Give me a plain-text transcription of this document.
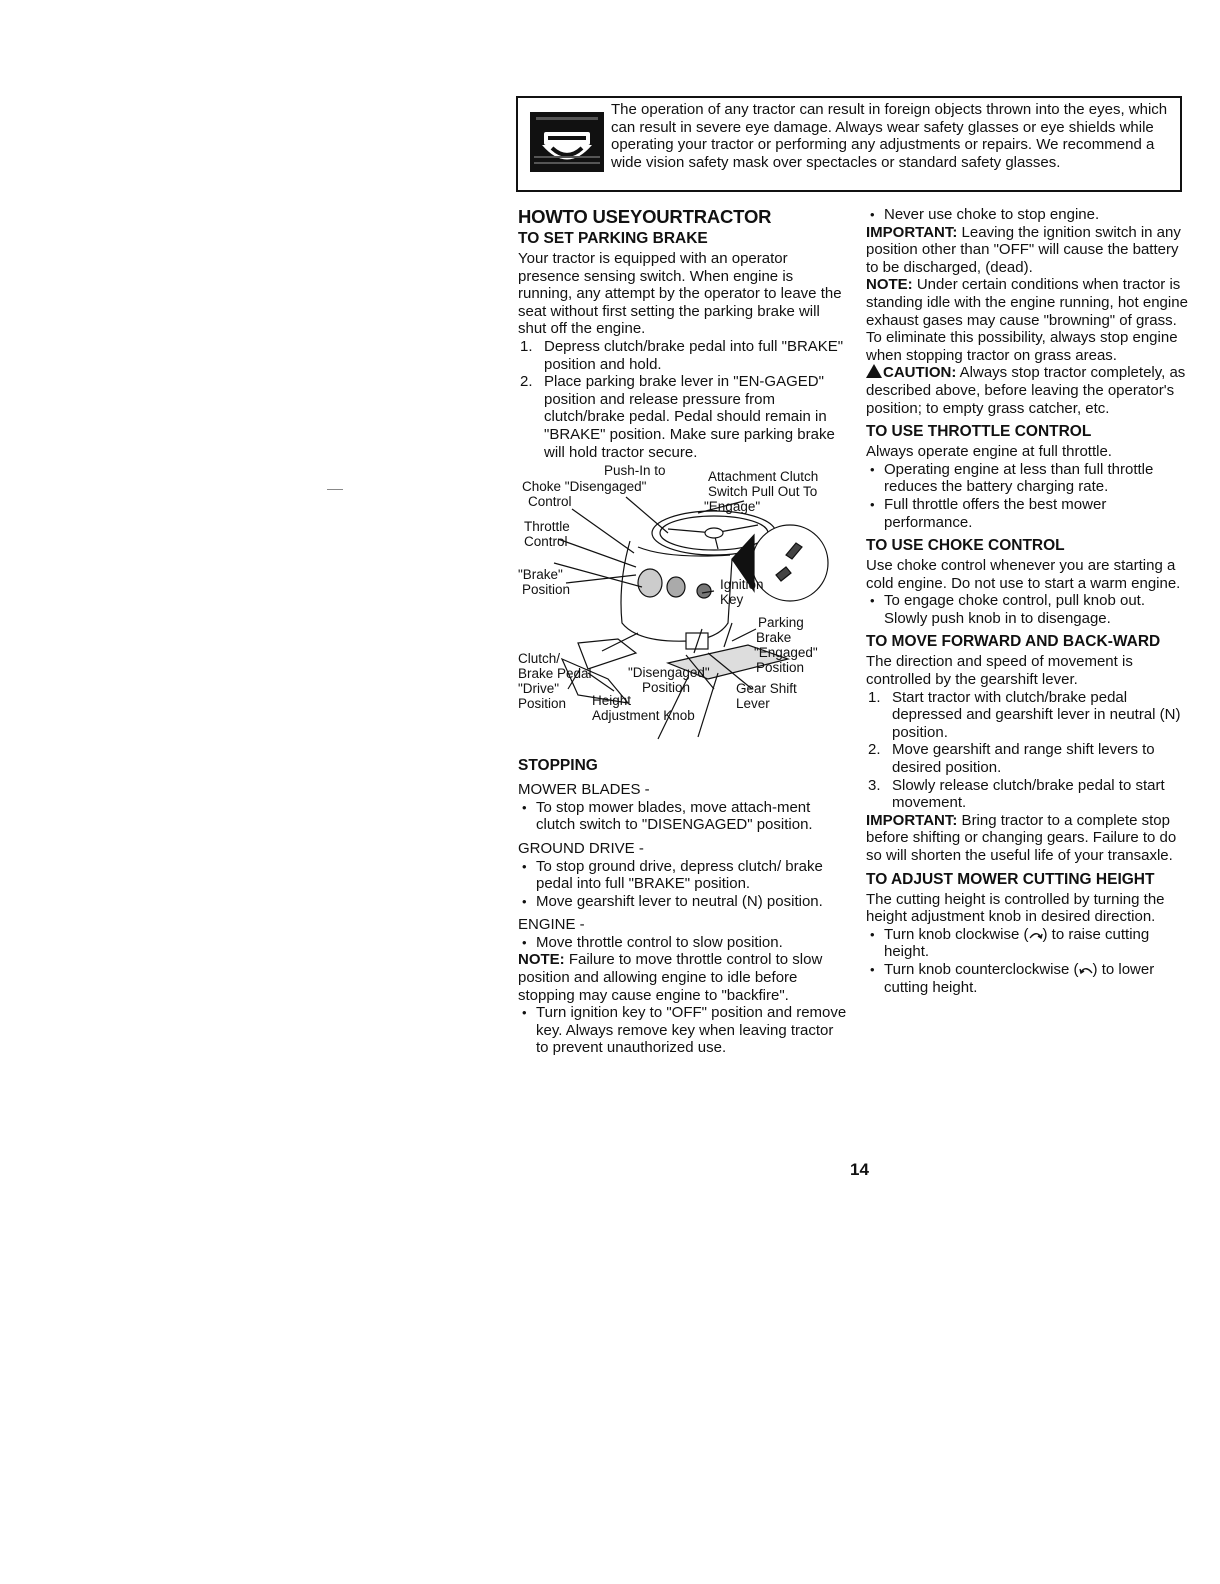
The operation of any tractor can result in foreign objects thrown into the eyes, which can result in severe eye damage. Always wear safety glasses or eye shields while operating your tractor or performing any adjustments or repairs. We recommend a wide vision safety mask over spectacles or standard safety glasses.
HOWTO USEYOURTRACTOR
TO SET PARKING BRAKE

Your tractor is equipped with an operator presence sensing switch. When engine is running, any attempt by the operator to leave the seat without first setting the parking brake will shut off the engine.

1. Depress clutch/brake pedal into full "BRAKE" position and hold.
2. Place parking brake lever in "EN-GAGED" position and release pressure from clutch/brake pedal. Pedal should remain in "BRAKE" position. Make sure parking brake will hold tractor secure.
Push-In to
Choke "Disengaged"
Control
Attachment Clutch
Switch Pull Out To
"Engage"
Throttle
Control
"Brake"
Position	Ignition
Key
Parking
Brake
"Engaged"
Position
Clutch/
Brake Pedal
"Drive"
Position
"Disengaged"
Position	Gear Shift
Lever
Height
Adjustment Knob
STOPPING

MOWER BLADES -

• To stop mower blades, move attach-ment clutch switch to "DISENGAGED" position.

GROUND DRIVE -

• To stop ground drive, depress clutch/ brake pedal into full "BRAKE" position.
• Move gearshift lever to neutral (N) position.

ENGINE -

• Move throttle control to slow position.

NOTE: Failure to move throttle control to slow position and allowing engine to idle before stopping may cause engine to "backfire".

• Turn ignition key to "OFF" position and remove key. Always remove key when leaving tractor to prevent unauthorized use.
• Never use choke to stop engine.

IMPORTANT: Leaving the ignition switch in any position other than "OFF" will cause the battery to be discharged, (dead).

NOTE: Under certain conditions when tractor is standing idle with the engine running, hot engine exhaust gases may cause "browning" of grass. To eliminate this possibility, always stop engine when stopping tractor on grass areas.

CAUTION: Always stop tractor completely, as described above, before leaving the operator's position; to empty grass catcher, etc.

TO USE THROTTLE CONTROL

Always operate engine at full throttle.

• Operating engine at less than full throttle reduces the battery charging rate.
• Full throttle offers the best mower performance.
TO USE CHOKE CONTROL

Use choke control whenever you are starting a cold engine. Do not use to start a warm engine.

• To engage choke control, pull knob out. Slowly push knob in to disengage.
TO MOVE FORWARD AND BACK-WARD

The direction and speed of movement is controlled by the gearshift lever.

1. Start tractor with clutch/brake pedal depressed and gearshift lever in neutral (N) position.
2. Move gearshift and range shift levers to desired position.
3. Slowly release clutch/brake pedal to start movement.

IMPORTANT: Bring tractor to a complete stop before shifting or changing gears. Failure to do so will shorten the useful life of your transaxle.

TO ADJUST MOWER CUTTING HEIGHT

The cutting height is controlled by turning the height adjustment knob in desired direction.

• Turn knob clockwise ( ) to raise cutting height.
• Turn knob counterclockwise ( ) to lower cutting height.
14
